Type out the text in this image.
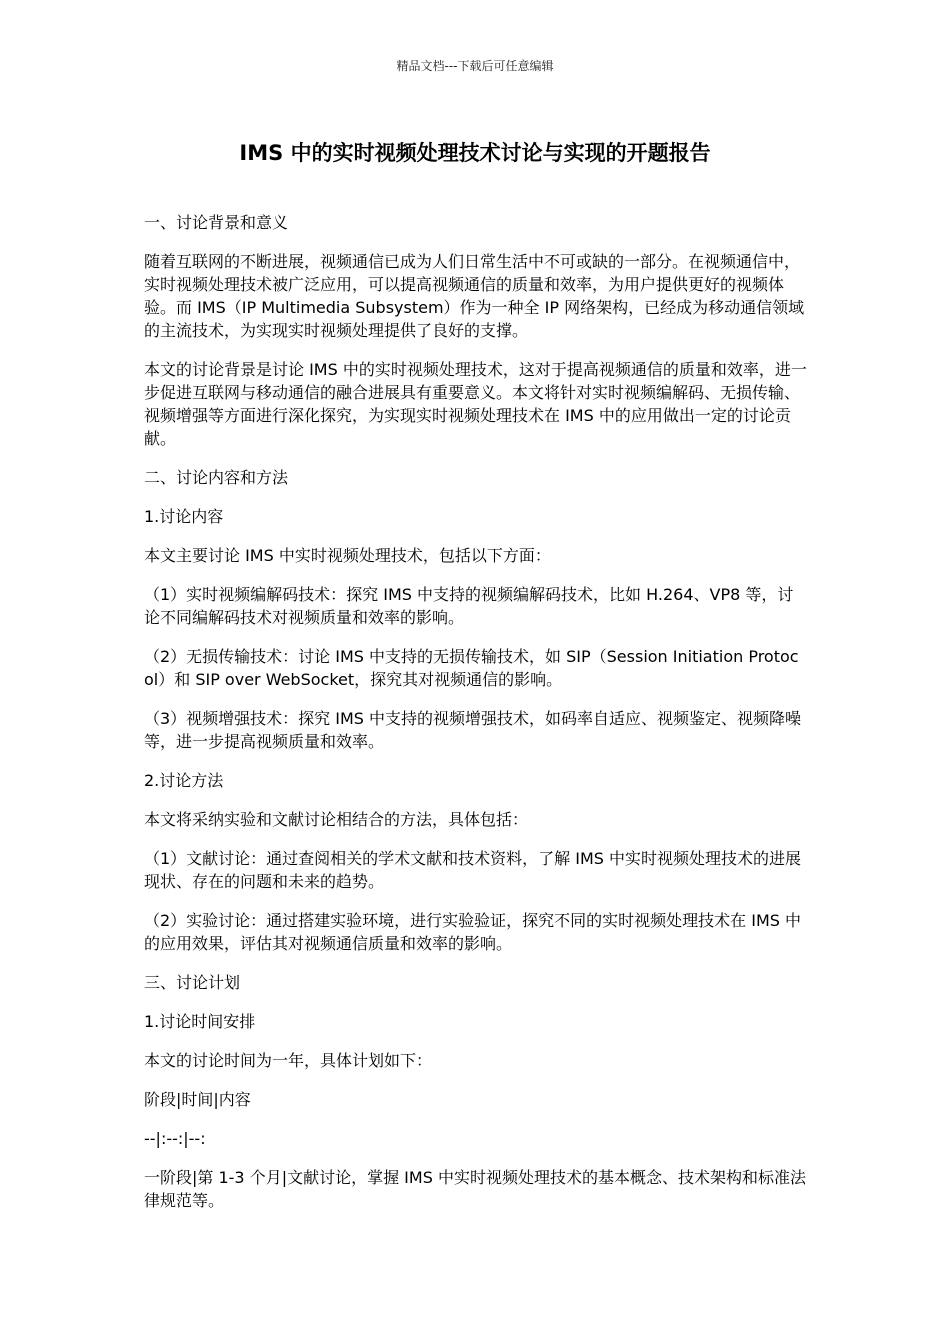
精品文档---下载后可任意编辑
IMS 中的实时视频处理技术讨论与实现的开题报告

一、讨论背景和意义

随着互联网的不断进展，视频通信已成为人们日常生活中不可或缺的一部分。在视频通信中，实时视频处理技术被广泛应用，可以提高视频通信的质量和效率，为用户提供更好的视频体验。而 IMS（IP Multimedia Subsystem）作为一种全 IP 网络架构，已经成为移动通信领域的主流技术，为实现实时视频处理提供了良好的支撑。

本文的讨论背景是讨论 IMS 中的实时视频处理技术，这对于提高视频通信的质量和效率，进一步促进互联网与移动通信的融合进展具有重要意义。本文将针对实时视频编解码、无损传输、视频增强等方面进行深化探究，为实现实时视频处理技术在 IMS 中的应用做出一定的讨论贡献。

二、讨论内容和方法

1.讨论内容

本文主要讨论 IMS 中实时视频处理技术，包括以下方面：

（1）实时视频编解码技术：探究 IMS 中支持的视频编解码技术，比如 H.264、VP8 等，讨论不同编解码技术对视频质量和效率的影响。

（2）无损传输技术：讨论 IMS 中支持的无损传输技术，如 SIP（Session Initiation Protocol）和 SIP over WebSocket，探究其对视频通信的影响。

（3）视频增强技术：探究 IMS 中支持的视频增强技术，如码率自适应、视频鉴定、视频降噪等，进一步提高视频质量和效率。

2.讨论方法

本文将采纳实验和文献讨论相结合的方法，具体包括：

（1）文献讨论：通过查阅相关的学术文献和技术资料，了解 IMS 中实时视频处理技术的进展现状、存在的问题和未来的趋势。

（2）实验讨论：通过搭建实验环境，进行实验验证，探究不同的实时视频处理技术在 IMS 中的应用效果，评估其对视频通信质量和效率的影响。

三、讨论计划

1.讨论时间安排

本文的讨论时间为一年，具体计划如下：

阶段|时间|内容

--|:--:|--:

一阶段|第 1-3 个月|文献讨论，掌握 IMS 中实时视频处理技术的基本概念、技术架构和标准法律规范等。
